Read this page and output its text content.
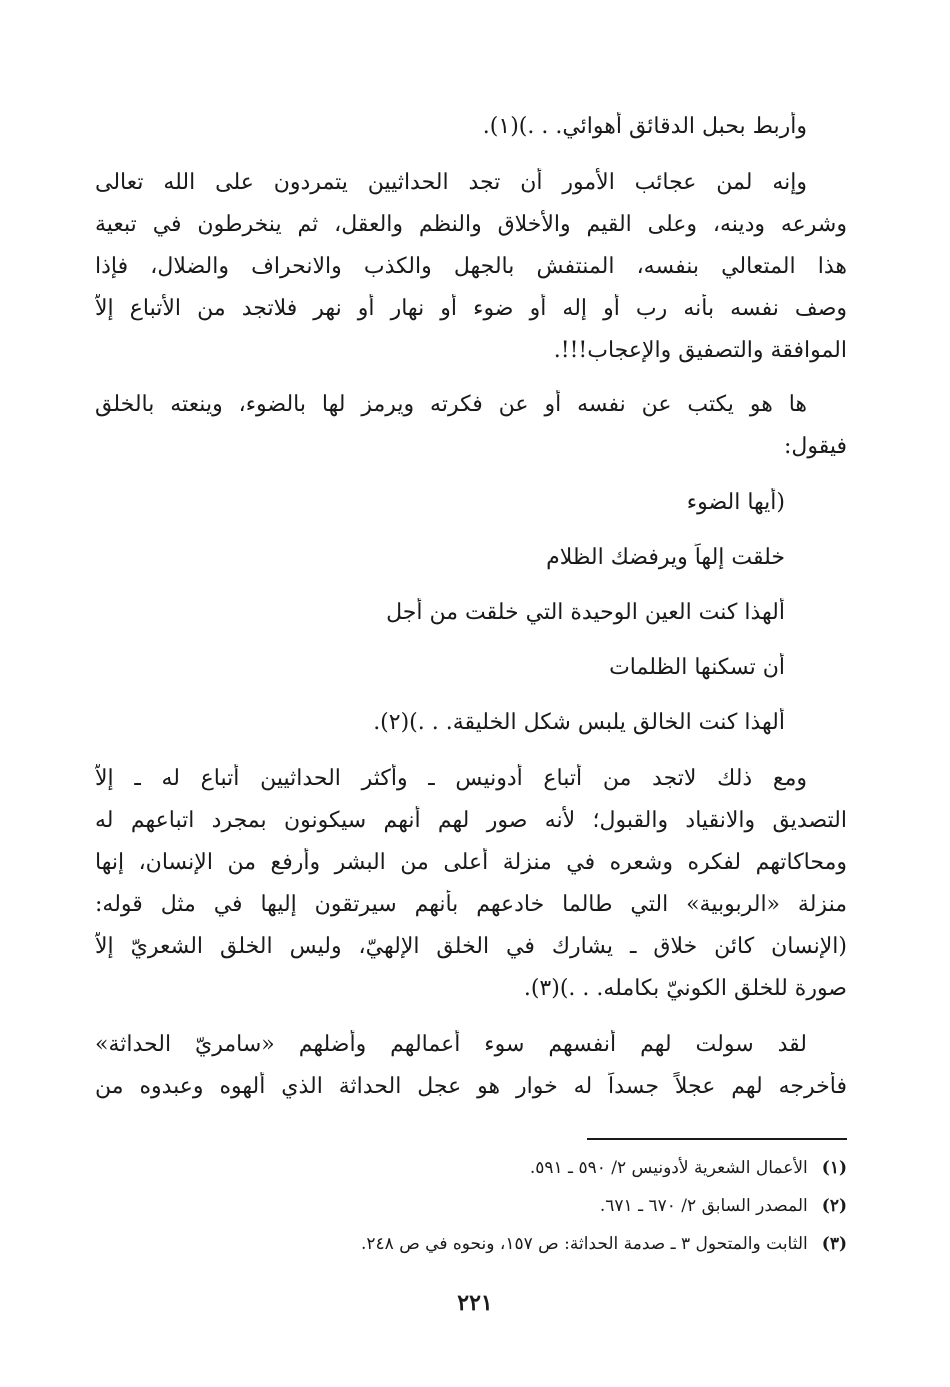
وأربط بحبل الدقائق أهوائي. . .)(١).

وإنه لمن عجائب الأمور أن تجد الحداثيين يتمردون على الله تعالى

وشرعه ودينه، وعلى القيم والأخلاق والنظم والعقل، ثم ينخرطون في تبعية

هذا المتعالي بنفسه، المنتفش بالجهل والكذب والانحراف والضلال، فإذا

وصف نفسه بأنه رب أو إله أو ضوء أو نهار أو نهر فلاتجد من الأتباع إلاّ

الموافقة والتصفيق والإعجاب!!!.

ها هو يكتب عن نفسه أو عن فكرته ويرمز لها بالضوء، وينعته بالخلق

فيقول:

(أيها الضوء

خلقت إلهاً ويرفضك الظلام

ألهذا كنت العين الوحيدة التي خلقت من أجل

أن تسكنها الظلمات

ألهذا كنت الخالق يلبس شكل الخليقة. . .)(٢).

ومع ذلك لاتجد من أتباع أدونيس ـ وأكثر الحداثيين أتباع له ـ إلاّ

التصديق والانقياد والقبول؛ لأنه صور لهم أنهم سيكونون بمجرد اتباعهم له

ومحاكاتهم لفكره وشعره في منزلة أعلى من البشر وأرفع من الإنسان، إنها

منزلة «الربوبية» التي طالما خادعهم بأنهم سيرتقون إليها في مثل قوله:

(الإنسان كائن خلاق ـ يشارك في الخلق الإلهيّ، وليس الخلق الشعريّ إلاّ

صورة للخلق الكونيّ بكامله. . .)(٣).

لقد سولت لهم أنفسهم سوء أعمالهم وأضلهم «سامريّ الحداثة»

فأخرجه لهم عجلاً جسداً له خوار هو عجل الحداثة الذي ألهوه وعبدوه من

(١)الأعمال الشعرية لأدونيس ٢/ ٥٩٠ ـ ٥٩١.

(٢)المصدر السابق ٢/ ٦٧٠ ـ ٦٧١.

(٣)الثابت والمتحول ٣ ـ صدمة الحداثة: ص ١٥٧، ونحوه في ص ٢٤٨.

٢٢١
